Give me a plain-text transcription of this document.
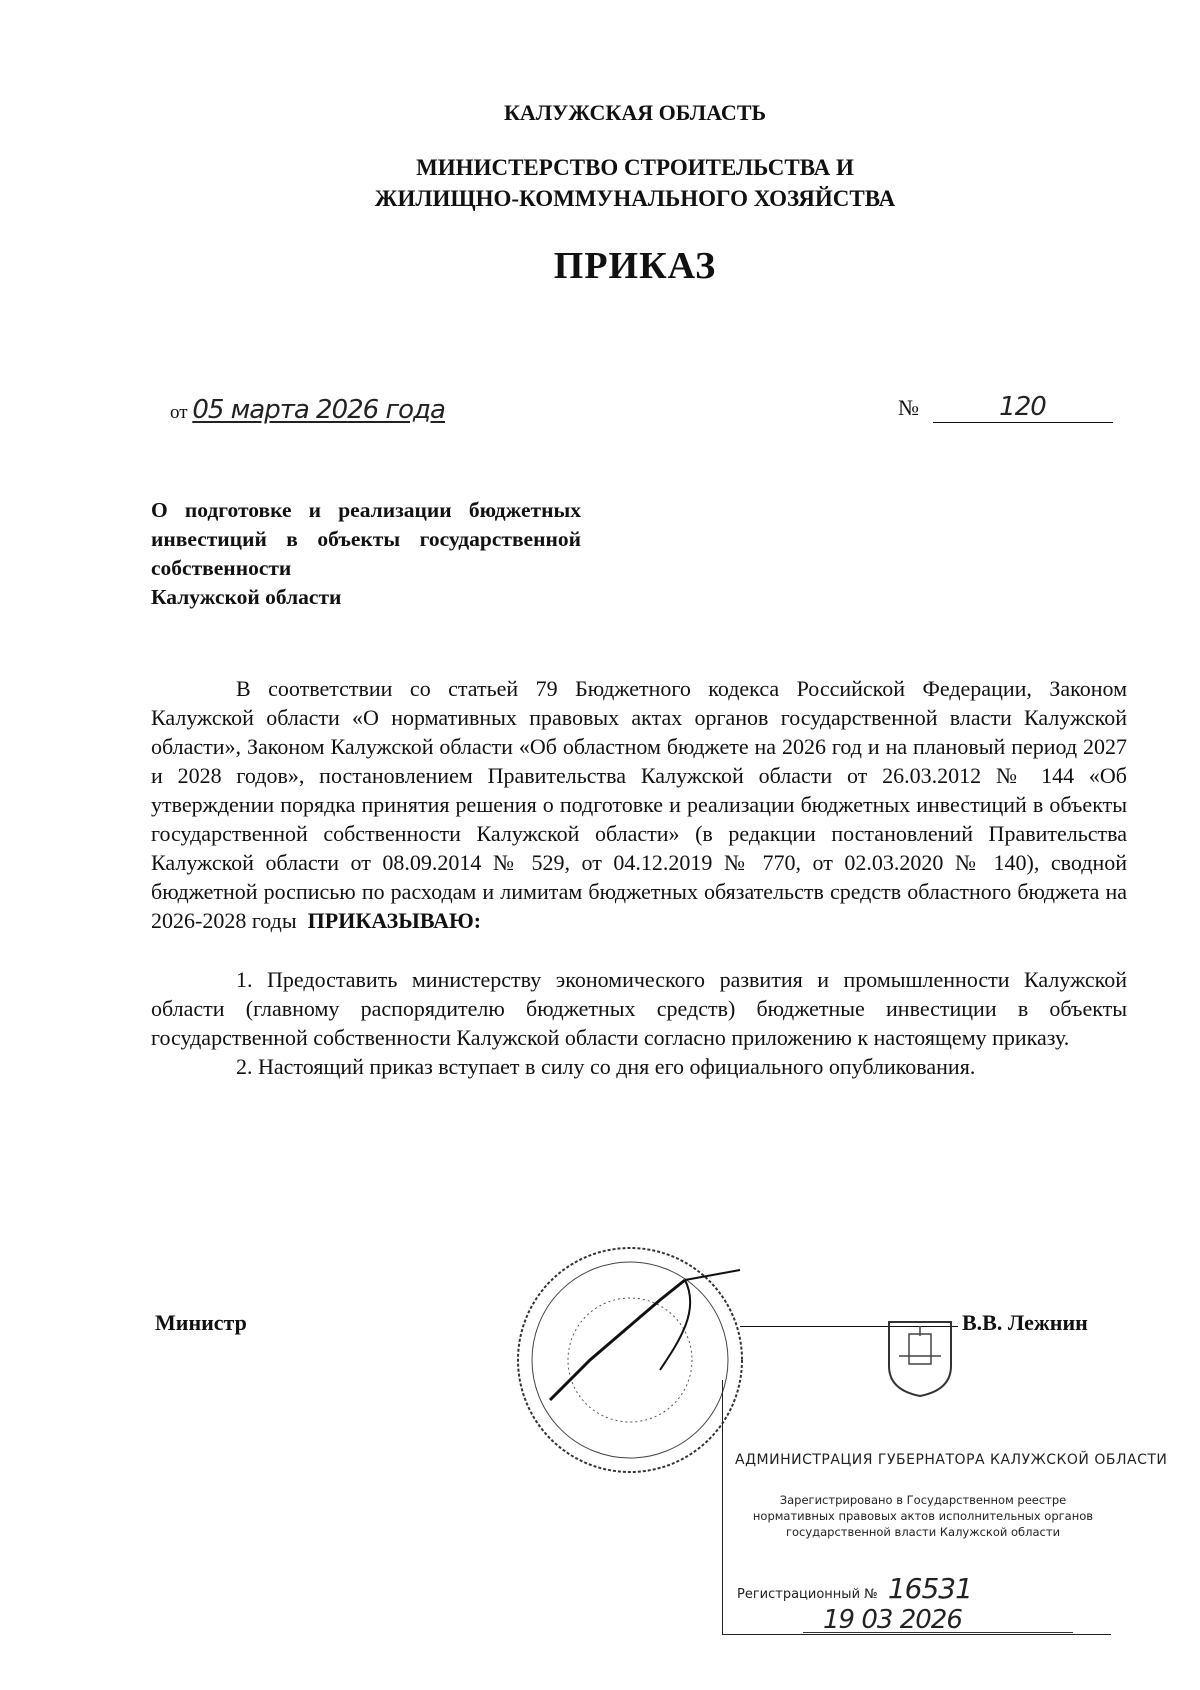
КАЛУЖСКАЯ ОБЛАСТЬ
МИНИСТЕРСТВО СТРОИТЕЛЬСТВА И
ЖИЛИЩНО-КОММУНАЛЬНОГО ХОЗЯЙСТВА
ПРИКАЗ
от 05 марта 2026 года	№	120
О подготовке и реализации бюджетных инвестиций в объекты государственной собственности
Калужской области

В соответствии со статьей 79 Бюджетного кодекса Российской Федерации, Законом Калужской области «О нормативных правовых актах органов государственной власти Калужской области», Законом Калужской области «Об областном бюджете на 2026 год и на плановый период 2027 и 2028 годов», постановлением Правительства Калужской области от 26.03.2012 № 144 «Об утверждении порядка принятия решения о подготовке и реализации бюджетных инвестиций в объекты государственной собственности Калужской области» (в редакции постановлений Правительства Калужской области от 08.09.2014 № 529, от 04.12.2019 № 770, от 02.03.2020 № 140), сводной бюджетной росписью по расходам и лимитам бюджетных обязательств средств областного бюджета на 2026-2028 годы ПРИКАЗЫВАЮ:

1. Предоставить министерству экономического развития и промышленности Калужской области (главному распорядителю бюджетных средств) бюджетные инвестиции в объекты государственной собственности Калужской области согласно приложению к настоящему приказу.

2. Настоящий приказ вступает в силу со дня его официального опубликования.

Министр	В.В. Лежнин
АДМИНИСТРАЦИЯ ГУБЕРНАТОРА КАЛУЖСКОЙ ОБЛАСТИ
Зарегистрировано в Государственном реестре нормативных правовых актов исполнительных органов государственной власти Калужской области
Регистрационный № 16531
19 03 2026
